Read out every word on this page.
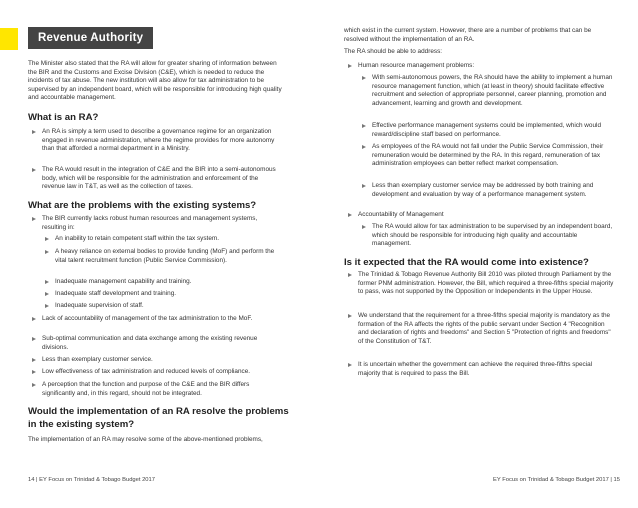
Revenue Authority

The Minister also stated that the RA will allow for greater sharing of information between the BIR and the Customs and Excise Division (C&E), which is needed to reduce the incidents of tax abuse. The new institution will also allow for tax administration to be supervised by an independent board, which will be responsible for introducing high quality and accountable management.

What is an RA?

An RA is simply a term used to describe a governance regime for an organization engaged in revenue administration, where the regime provides for more autonomy than that afforded a normal department in a Ministry.

The RA would result in the integration of C&E and the BIR into a semi-autonomous body, which will be responsible for the administration and enforcement of the revenue law in T&T, as well as the collection of taxes.

What are the problems with the existing systems?

The BIR currently lacks robust human resources and management systems, resulting in:

An inability to retain competent staff within the tax system.

A heavy reliance on external bodies to provide funding (MoF) and perform the vital talent recruitment function (Public Service Commission).

Inadequate management capability and training.

Inadequate staff development and training.

Inadequate supervision of staff.

Lack of accountability of management of the tax administration to the MoF.

Sub-optimal communication and data exchange among the existing revenue divisions.

Less than exemplary customer service.

Low effectiveness of tax administration and reduced levels of compliance.

A perception that the function and purpose of the C&E and the BIR differs significantly and, in this regard, should not be integrated.

Would the implementation of an RA resolve the problems in the existing system?

The implementation of an RA may resolve some of the above-mentioned problems,

which exist in the current system. However, there are a number of problems that can be resolved without the implementation of an RA.

The RA should be able to address:

Human resource management problems:

With semi-autonomous powers, the RA should have the ability to implement a human resource management function, which (at least in theory) should facilitate effective recruitment and selection of appropriate personnel, career planning, promotion and advancement, learning and growth and development.

Effective performance management systems could be implemented, which would reward/discipline staff based on performance.

As employees of the RA would not fall under the Public Service Commission, their remuneration would be determined by the RA. In this regard, remuneration of tax administration employees can better reflect market compensation.

Less than exemplary customer service may be addressed by both training and development and evaluation by way of a performance management system.

Accountability of Management

The RA would allow for tax administration to be supervised by an independent board, which should be responsible for introducing high quality and accountable management.

Is it expected that the RA would come into existence?

The Trinidad & Tobago Revenue Authority Bill 2010 was piloted through Parliament by the former PNM administration. However, the Bill, which required a three-fifths special majority to pass, was not supported by the Opposition or Independents in the Upper House.

We understand that the requirement for a three-fifths special majority is mandatory as the formation of the RA affects the rights of the public servant under Section 4 "Recognition and declaration of rights and freedoms" and Section 5 "Protection of rights and freedoms" of the Constitution of T&T.

It is uncertain whether the government can achieve the required three-fifths special majority that is required to pass the Bill.

14 | EY Focus on Trinidad & Tobago Budget 2017	EY Focus on Trinidad & Tobago Budget 2017 | 15
